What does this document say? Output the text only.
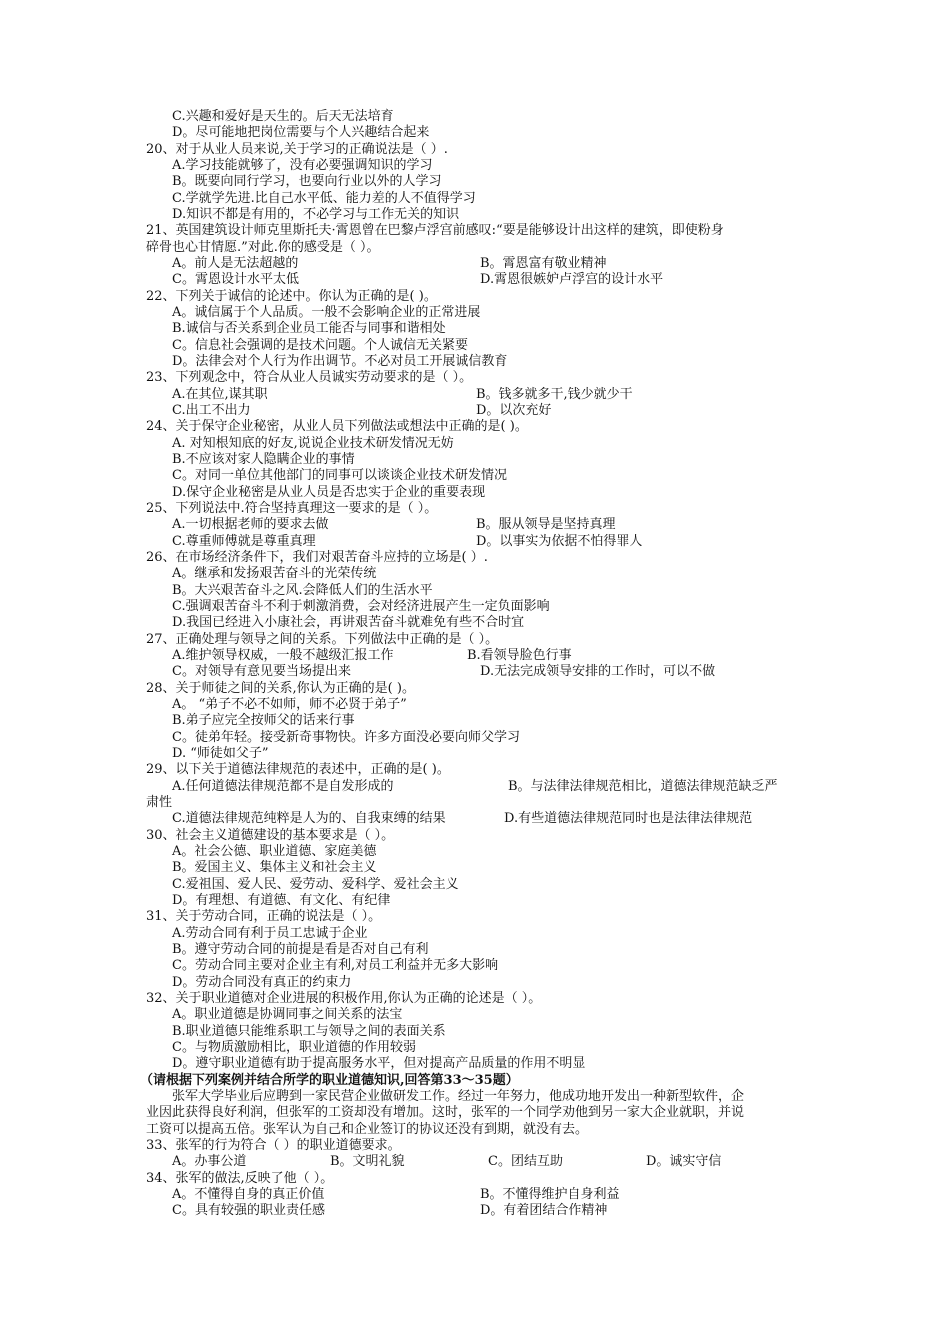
C.兴趣和爱好是天生的。后天无法培育
D。尽可能地把岗位需要与个人兴趣结合起来
20、对于从业人员来说,关于学习的正确说法是（ ）.
A.学习技能就够了，没有必要强调知识的学习
B。既要向同行学习，也要向行业以外的人学习
C.学就学先进.比自己水平低、能力差的人不值得学习
D.知识不都是有用的，不必学习与工作无关的知识
21、英国建筑设计师克里斯托夫·霄恩曾在巴黎卢浮宫前感叹:“要是能够设计出这样的建筑，即使粉身
碎骨也心甘情愿.”对此.你的感受是（ ）。
A。前人是无法超越的	B。霄恩富有敬业精神
C。霄恩设计水平太低	D.霄恩很嫉妒卢浮宫的设计水平
22、下列关于诚信的论述中。你认为正确的是( )。
A。诚信属于个人品质。一般不会影响企业的正常进展
B.诚信与否关系到企业员工能否与同事和谐相处
C。信息社会强调的是技术问题。个人诚信无关紧要
D。法律会对个人行为作出调节。不必对员工开展诚信教育
23、下列观念中，符合从业人员诚实劳动要求的是（ ）。
A.在其位,谋其职	B。钱多就多干,钱少就少干
C.出工不出力	D。以次充好
24、关于保守企业秘密，从业人员下列做法或想法中正确的是( )。
A. 对知根知底的好友,说说企业技术研发情况无妨
B.不应该对家人隐瞒企业的事情
C。对同一单位其他部门的同事可以谈谈企业技术研发情况
D.保守企业秘密是从业人员是否忠实于企业的重要表现
25、下列说法中.符合坚持真理这一要求的是（ ）。
A.一切根据老师的要求去做	B。服从领导是坚持真理
C.尊重师傅就是尊重真理	D。以事实为依据不怕得罪人
26、在市场经济条件下，我们对艰苦奋斗应持的立场是( ）.
A。继承和发扬艰苦奋斗的光荣传统
B。大兴艰苦奋斗之风.会降低人们的生活水平
C.强调艰苦奋斗不利于刺激消费，会对经济进展产生一定负面影响
D.我国已经进入小康社会，再讲艰苦奋斗就难免有些不合时宜
27、正确处理与领导之间的关系。下列做法中正确的是（ ）。
A.维护领导权威，一般不越级汇报工作	B.看领导脸色行事
C。对领导有意见要当场提出来	D.无法完成领导安排的工作时，可以不做
28、关于师徒之间的关系,你认为正确的是( )。
A。 “弟子不必不如师，师不必贤于弟子”
B.弟子应完全按师父的话来行事
C。徒弟年轻。接受新奇事物快。许多方面没必要向师父学习
D. “师徒如父子”
29、以下关于道德法律规范的表述中，正确的是( )。
A.任何道德法律规范都不是自发形成的	B。与法律法律规范相比，道德法律规范缺乏严
肃性
C.道德法律规范纯粹是人为的、自我束缚的结果	D.有些道德法律规范同时也是法律法律规范
30、社会主义道德建设的基本要求是（ ）。
A。社会公德、职业道德、家庭美德
B。爱国主义、集体主义和社会主义
C.爱祖国、爱人民、爱劳动、爱科学、爱社会主义
D。有理想、有道德、有文化、有纪律
31、关于劳动合同，正确的说法是（ ）。
A.劳动合同有利于员工忠诚于企业
B。遵守劳动合同的前提是看是否对自己有利
C。劳动合同主要对企业主有利,对员工利益并无多大影响
D。劳动合同没有真正的约束力
32、关于职业道德对企业进展的积极作用,你认为正确的论述是（ ）。
A。职业道德是协调同事之间关系的法宝
B.职业道德只能维系职工与领导之间的表面关系
C。与物质激励相比，职业道德的作用较弱
D。遵守职业道德有助于提高服务水平，但对提高产品质量的作用不明显
（请根据下列案例并结合所学的职业道德知识,回答第33～35题）
张军大学毕业后应聘到一家民营企业做研发工作。经过一年努力，他成功地开发出一种新型软件，企
业因此获得良好利润，但张军的工资却没有增加。这时，张军的一个同学劝他到另一家大企业就职，并说
工资可以提高五倍。张军认为自己和企业签订的协议还没有到期，就没有去。
33、张军的行为符合（ ）的职业道德要求。
A。办事公道	B。文明礼貌	C。团结互助	D。诚实守信
34、张军的做法,反映了他（ ）。
A。不懂得自身的真正价值	B。不懂得维护自身利益
C。具有较强的职业责任感	D。有着团结合作精神
